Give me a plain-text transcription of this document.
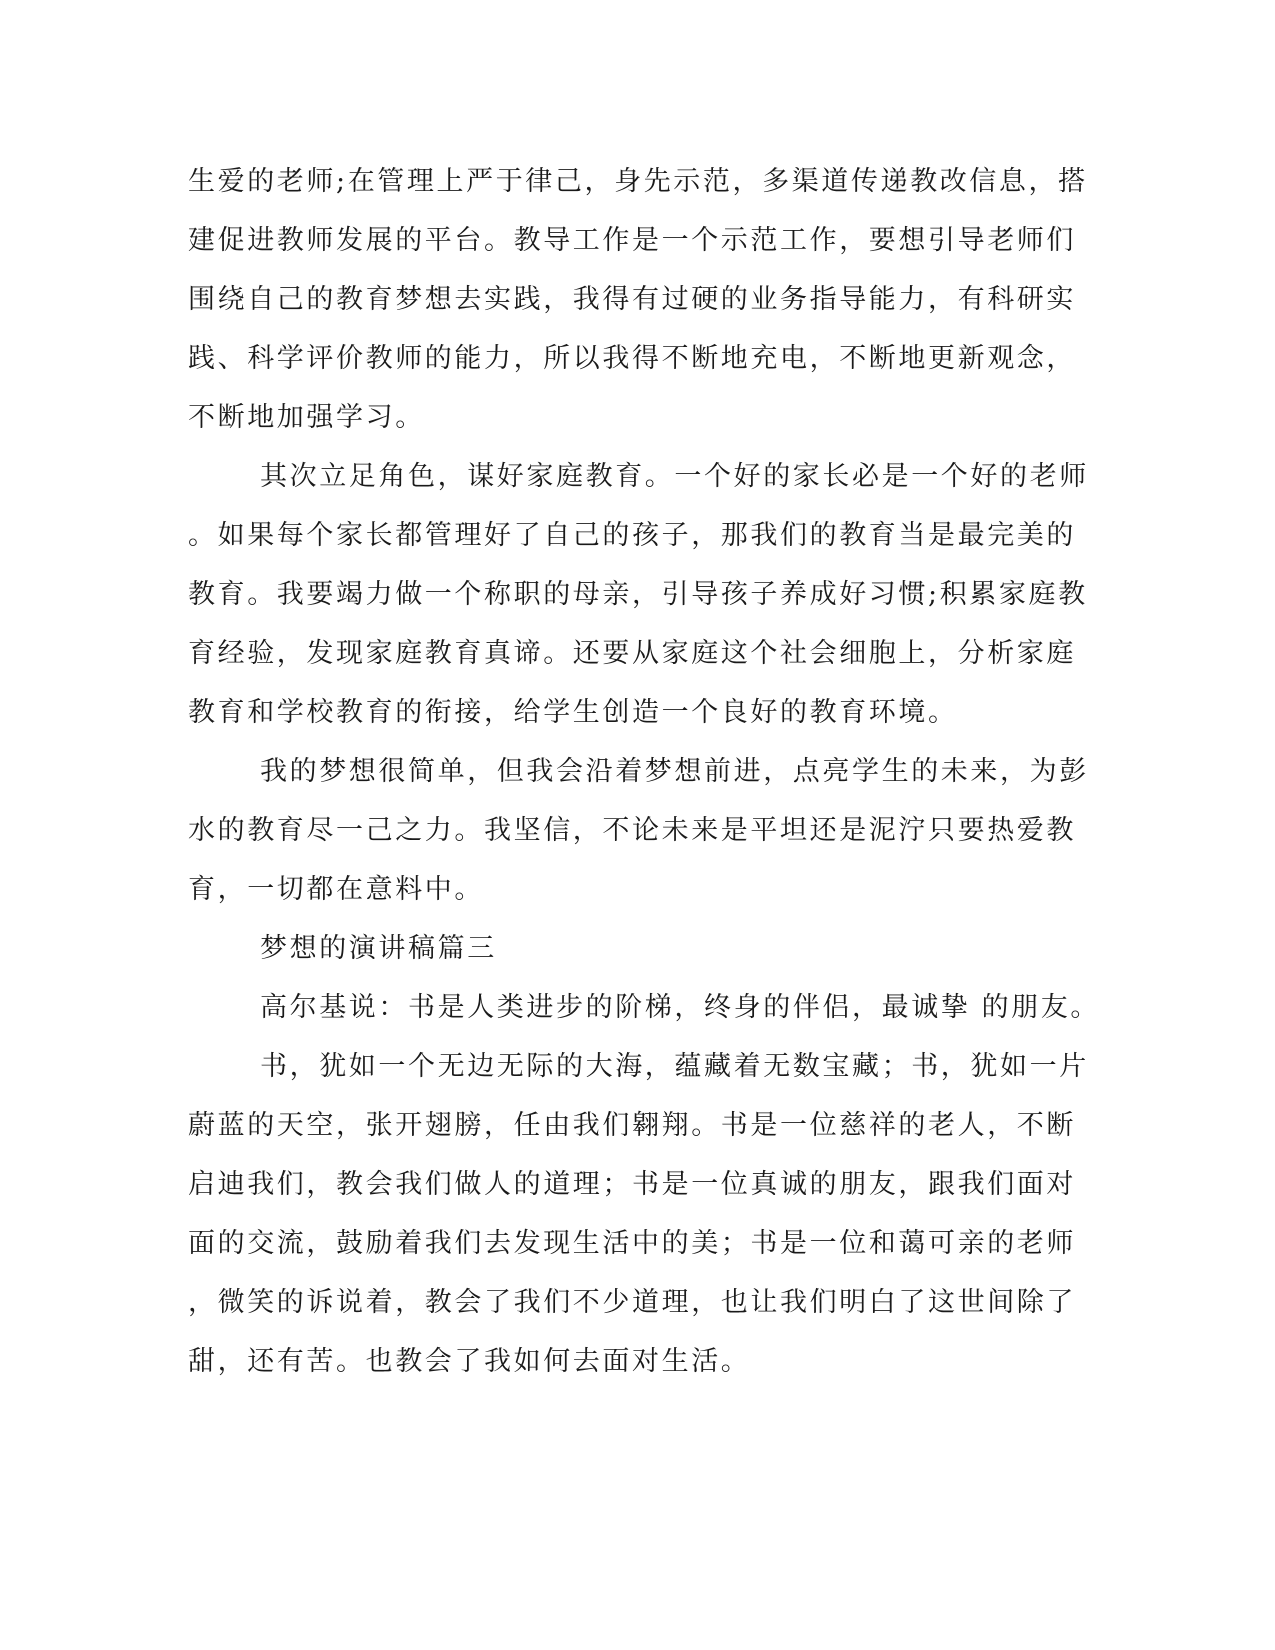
生爱的老师;在管理上严于律己，身先示范，多渠道传递教改信息，搭
建促进教师发展的平台。教导工作是一个示范工作，要想引导老师们
围绕自己的教育梦想去实践，我得有过硬的业务指导能力，有科研实
践、科学评价教师的能力，所以我得不断地充电，不断地更新观念，
不断地加强学习。
其次立足角色，谋好家庭教育。一个好的家长必是一个好的老师
。如果每个家长都管理好了自己的孩子，那我们的教育当是最完美的
教育。我要竭力做一个称职的母亲，引导孩子养成好习惯;积累家庭教
育经验，发现家庭教育真谛。还要从家庭这个社会细胞上，分析家庭
教育和学校教育的衔接，给学生创造一个良好的教育环境。
我的梦想很简单，但我会沿着梦想前进，点亮学生的未来，为彭
水的教育尽一己之力。我坚信，不论未来是平坦还是泥泞只要热爱教
育，一切都在意料中。
梦想的演讲稿篇三
高尔基说：书是人类进步的阶梯，终身的伴侣，最诚挚 的朋友。
书，犹如一个无边无际的大海，蕴藏着无数宝藏；书，犹如一片
蔚蓝的天空，张开翅膀，任由我们翱翔。书是一位慈祥的老人，不断
启迪我们，教会我们做人的道理；书是一位真诚的朋友，跟我们面对
面的交流，鼓励着我们去发现生活中的美；书是一位和蔼可亲的老师
，微笑的诉说着，教会了我们不少道理，也让我们明白了这世间除了
甜，还有苦。也教会了我如何去面对生活。
